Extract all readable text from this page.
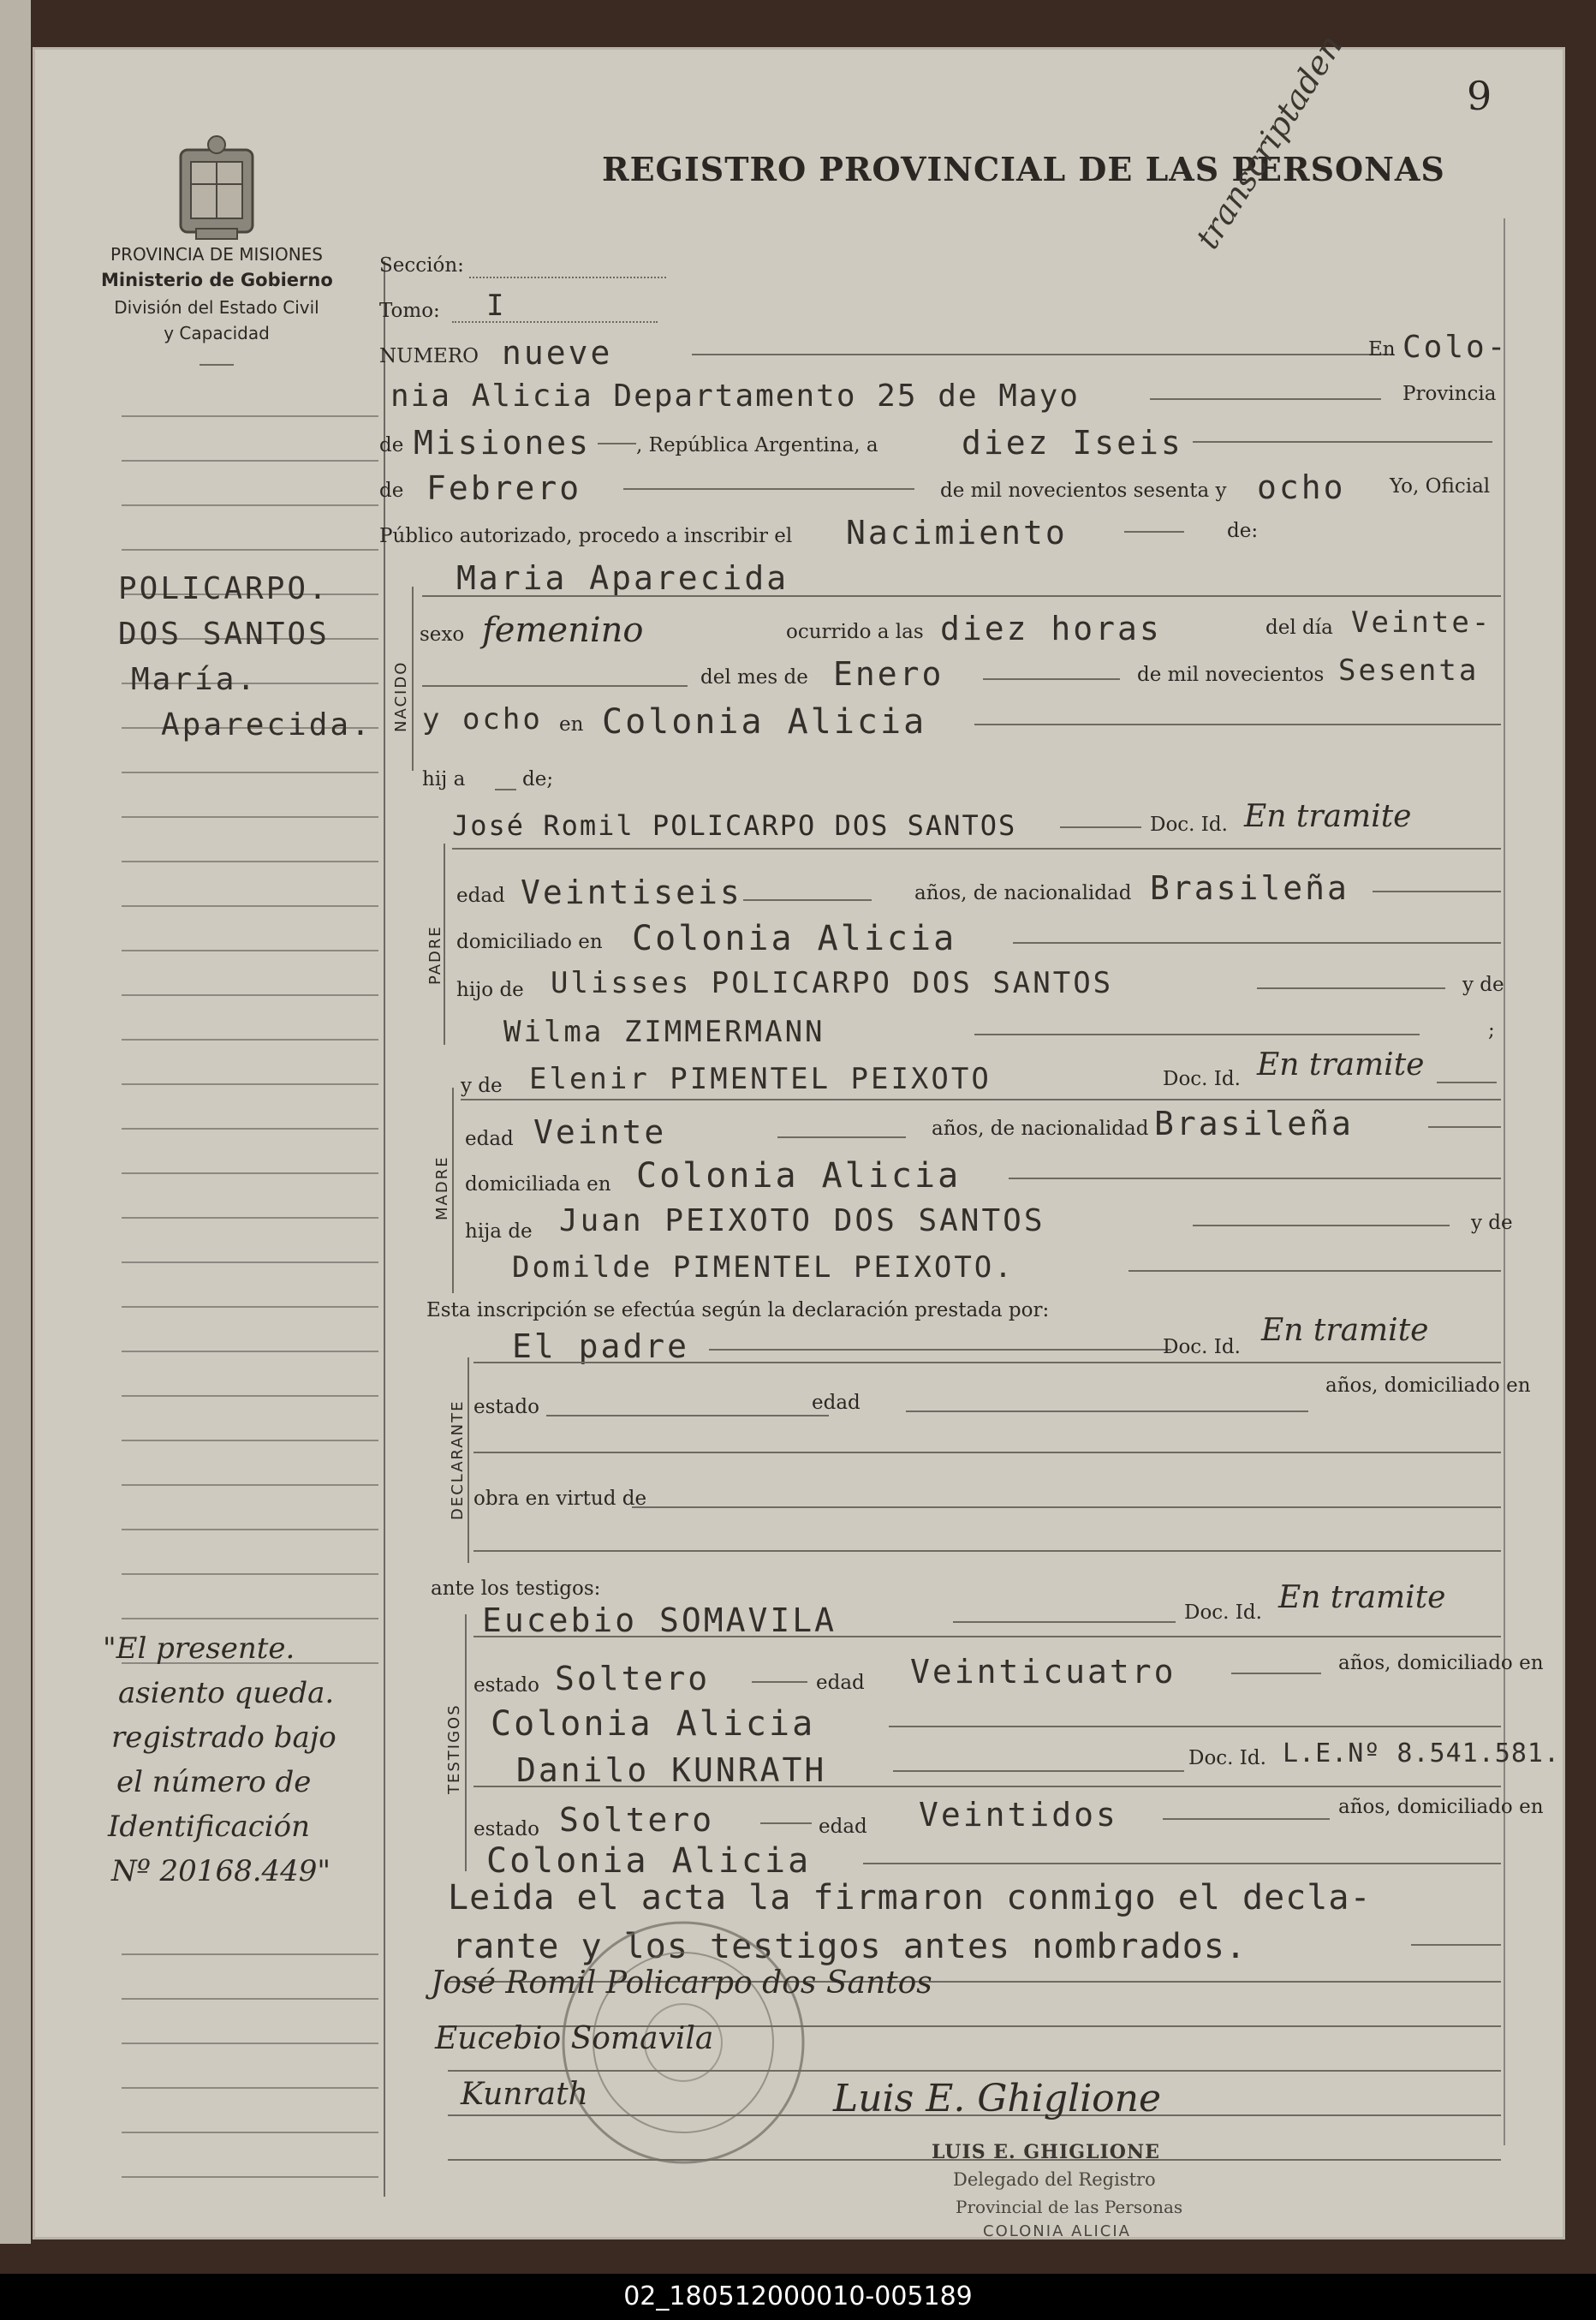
PROVINCIA DE MISIONES
Ministerio de Gobierno
División del Estado Civil
y Capacidad
REGISTRO PROVINCIAL DE LAS PERSONAS
9
transcriptaden
POLICARPO.
DOS SANTOS
María.
Aparecida.
"El presente.
asiento queda.
registrado bajo
el número de
Identificación
Nº 20168.449"
Sección:
Tomo: I
NUMERO nueve	En Colo-
nia Alicia Departamento 25 de Mayo	Provincia
de Misiones , República Argentina, a	diez Iseis
de Febrero	de mil novecientos sesenta y ocho Yo, Oficial
Público autorizado, procedo a inscribir el Nacimiento	de:
NACIDO
Maria Aparecida
sexo femenino	ocurrido a las diez horas	del día Veinte-
del mes de Enero	de mil novecientos Sesenta
y ocho en Colonia Alicia
hij a	de;
PADRE
José Romil POLICARPO DOS SANTOS	Doc. Id. En tramite
edad Veintiseis	años, de nacionalidad Brasileña
domiciliado en Colonia Alicia
hijo de Ulisses POLICARPO DOS SANTOS	y de
Wilma ZIMMERMANN	;
MADRE
y de Elenir PIMENTEL PEIXOTO	Doc. Id. En tramite
edad Veinte	años, de nacionalidad Brasileña
domiciliada en Colonia Alicia
hija de Juan PEIXOTO DOS SANTOS	y de
Domilde PIMENTEL PEIXOTO.
Esta inscripción se efectúa según la declaración prestada por:
DECLARANTE
El padre	Doc. Id. En tramite
estado	edad
años, domiciliado en
obra en virtud de
ante los testigos:
TESTIGOS
Eucebio SOMAVILA	Doc. Id. En tramite
estado Soltero	edad Veinticuatro	años, domiciliado en
Colonia Alicia
Danilo KUNRATH	Doc. Id. L.E.Nº 8.541.581.
estado Soltero	edad Veintidos	años, domiciliado en
Colonia Alicia
Leida el acta la firmaron conmigo el decla-
rante y los testigos antes nombrados.
José Romil Policarpo dos Santos
Eucebio Somavila
Kunrath	Luis E. Ghiglione
LUIS E. GHIGLIONE
Delegado del Registro
Provincial de las Personas
COLONIA ALICIA
02_180512000010-005189
